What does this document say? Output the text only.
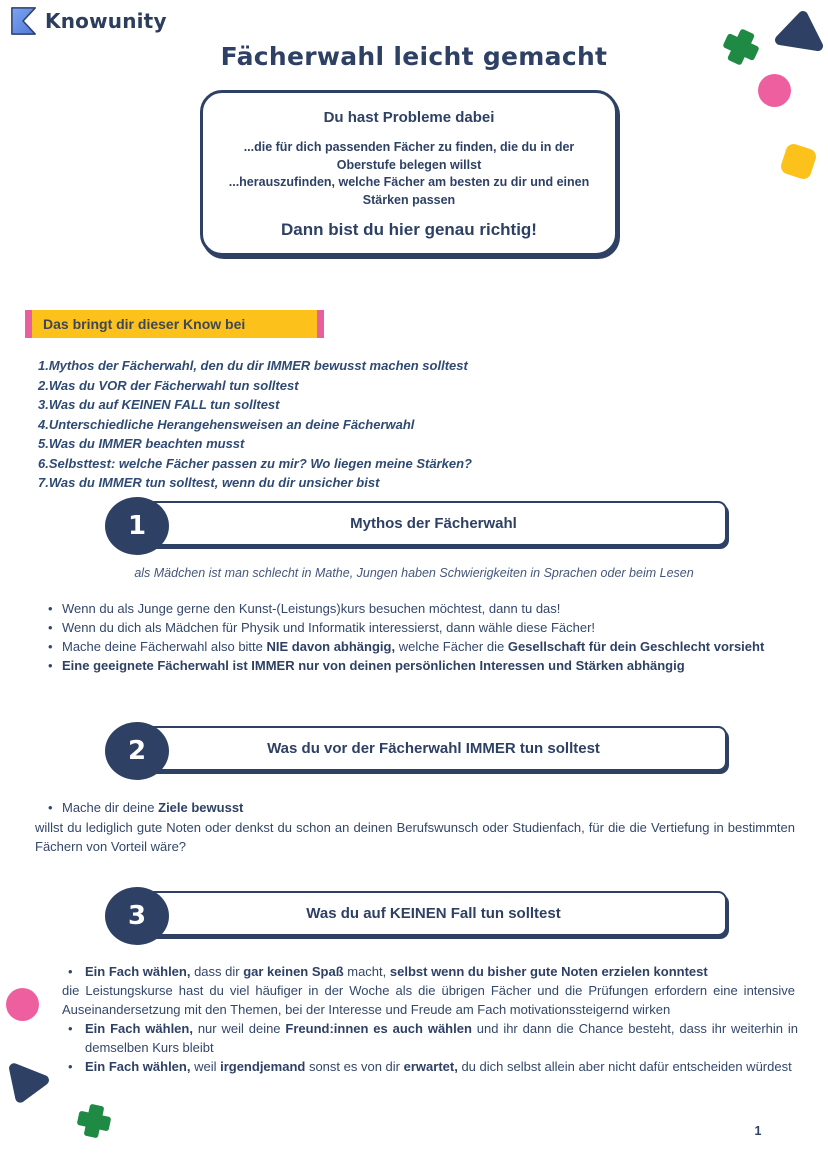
Knowunity
Fächerwahl leicht gemacht
Du hast Probleme dabei
...die für dich passenden Fächer zu finden, die du in der Oberstufe belegen willst
...herauszufinden, welche Fächer am besten zu dir und einen Stärken passen
Dann bist du hier genau richtig!
Das bringt dir dieser Know bei
1.Mythos der Fächerwahl, den du dir IMMER bewusst machen solltest
2.Was du VOR der Fächerwahl tun solltest
3.Was du auf KEINEN FALL tun solltest
4.Unterschiedliche Herangehensweisen an deine Fächerwahl
5.Was du IMMER beachten musst
6.Selbsttest: welche Fächer passen zu mir? Wo liegen meine Stärken?
7.Was du IMMER tun solltest, wenn du dir unsicher bist
1	Mythos der Fächerwahl
als Mädchen ist man schlecht in Mathe, Jungen haben Schwierigkeiten in Sprachen oder beim Lesen
• Wenn du als Junge gerne den Kunst-(Leistungs)kurs besuchen möchtest, dann tu das!
• Wenn du dich als Mädchen für Physik und Informatik interessierst, dann wähle diese Fächer!
• Mache deine Fächerwahl also bitte NIE davon abhängig, welche Fächer die Gesellschaft für dein Geschlecht vorsieht
• Eine geeignete Fächerwahl ist IMMER nur von deinen persönlichen Interessen und Stärken abhängig
2	Was du vor der Fächerwahl IMMER tun solltest
• Mache dir deine Ziele bewusst

willst du lediglich gute Noten oder denkst du schon an deinen Berufswunsch oder Studienfach, für die die Vertiefung in bestimmten Fächern von Vorteil wäre?

3	Was du auf KEINEN Fall tun solltest
• Ein Fach wählen, dass dir gar keinen Spaß macht, selbst wenn du bisher gute Noten erzielen konntest

die Leistungskurse hast du viel häufiger in der Woche als die übrigen Fächer und die Prüfungen erfordern eine intensive Auseinandersetzung mit den Themen, bei der Interesse und Freude am Fach motivationssteigernd wirken

• Ein Fach wählen, nur weil deine Freund:innen es auch wählen und ihr dann die Chance besteht, dass ihr weiterhin in demselben Kurs bleibt
• Ein Fach wählen, weil irgendjemand sonst es von dir erwartet, du dich selbst allein aber nicht dafür entscheiden würdest
1
